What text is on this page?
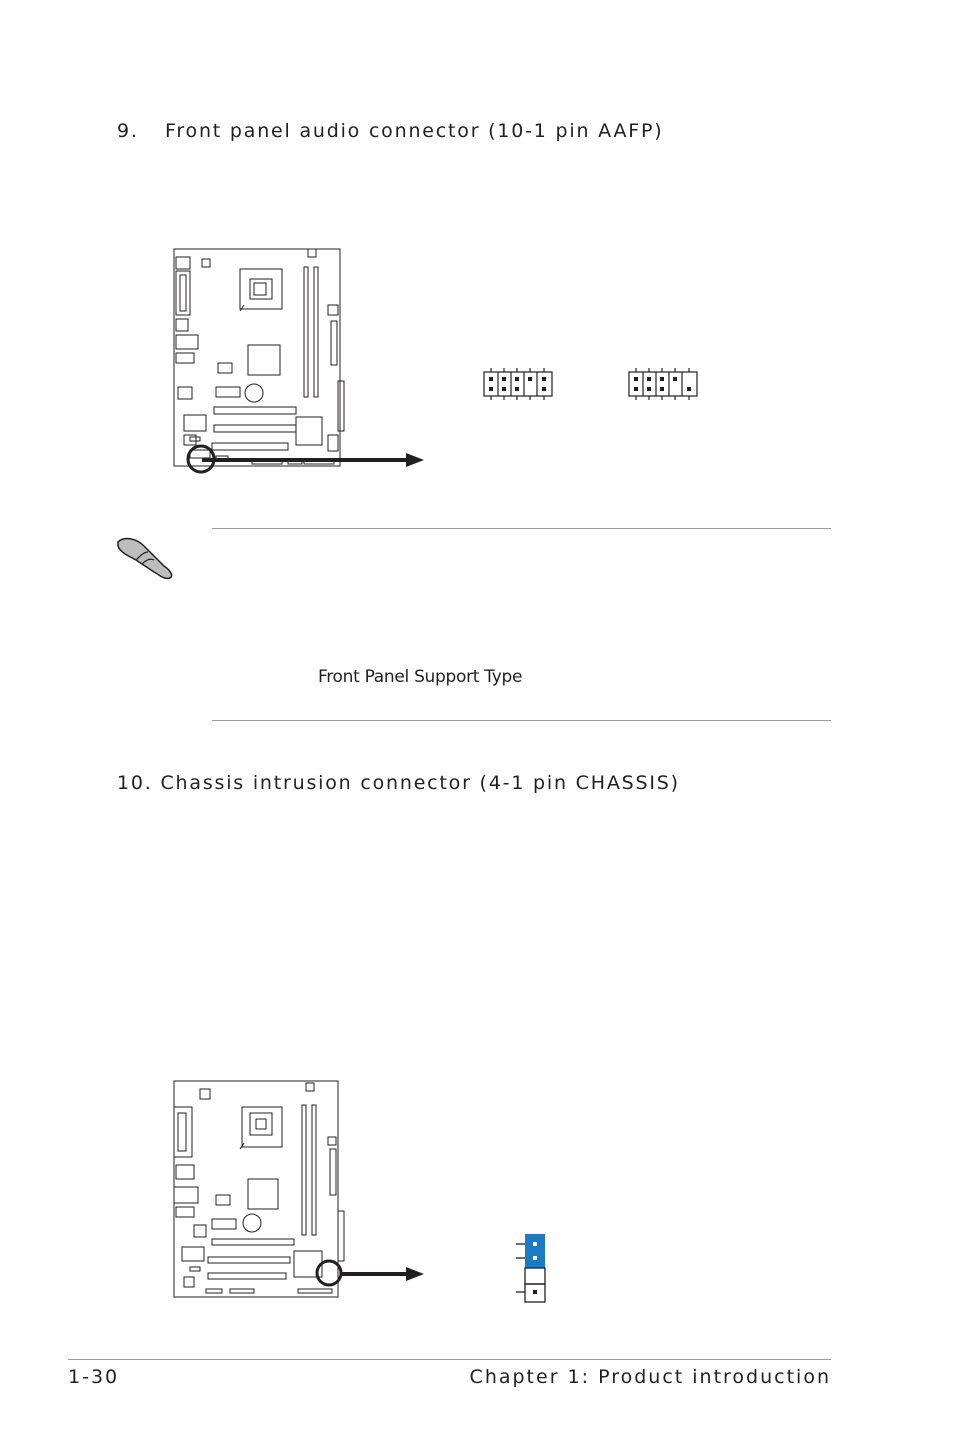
9. Front panel audio connector (10-1 pin AAFP)
Front Panel Support Type
10. Chassis intrusion connector (4-1 pin CHASSIS)
1-30	Chapter 1: Product introduction
